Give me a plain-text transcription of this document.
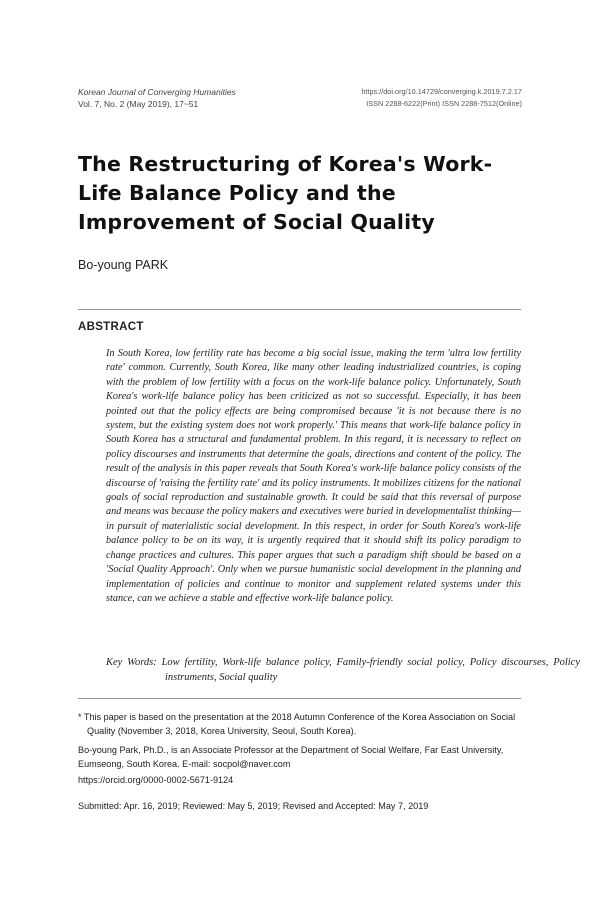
Korean Journal of Converging Humanities
Vol. 7, No. 2 (May 2019), 17~51
https://doi.org/10.14729/converging.k.2019.7.2.17
ISSN 2288-6222(Print) ISSN 2288-7512(Online)
The Restructuring of Korea's Work-Life Balance Policy and the Improvement of Social Quality

Bo-young PARK

ABSTRACT

In South Korea, low fertility rate has become a big social issue, making the term 'ultra low fertility rate' common. Currently, South Korea, like many other leading industrialized countries, is coping with the problem of low fertility with a focus on the work-life balance policy. Unfortunately, South Korea's work-life balance policy has been criticized as not so successful. Especially, it has been pointed out that the policy effects are being compromised because 'it is not because there is no system, but the existing system does not work properly.' This means that work-life balance policy in South Korea has a structural and fundamental problem. In this regard, it is necessary to reflect on policy discourses and instruments that determine the goals, directions and content of the policy. The result of the analysis in this paper reveals that South Korea's work-life balance policy consists of the discourse of 'raising the fertility rate' and its policy instruments. It mobilizes citizens for the national goals of social reproduction and sustainable growth. It could be said that this reversal of purpose and means was because the policy makers and executives were buried in developmentalist thinking—in pursuit of materialistic social development. In this respect, in order for South Korea's work-life balance policy to be on its way, it is urgently required that it should shift its policy paradigm to change practices and cultures. This paper argues that such a paradigm shift should be based on a 'Social Quality Approach'. Only when we pursue humanistic social development in the planning and implementation of policies and continue to monitor and supplement related systems under this stance, can we achieve a stable and effective work-life balance policy.

Key Words: Low fertility, Work-life balance policy, Family-friendly social policy, Policy discourses, Policy instruments, Social quality

* This paper is based on the presentation at the 2018 Autumn Conference of the Korea Association on Social Quality (November 3, 2018, Korea University, Seoul, South Korea).

Bo-young Park, Ph.D., is an Associate Professor at the Department of Social Welfare, Far East University, Eumseong, South Korea. E-mail: socpol@naver.com

https://orcid.org/0000-0002-5671-9124

Submitted: Apr. 16, 2019; Reviewed: May 5, 2019; Revised and Accepted: May 7, 2019
